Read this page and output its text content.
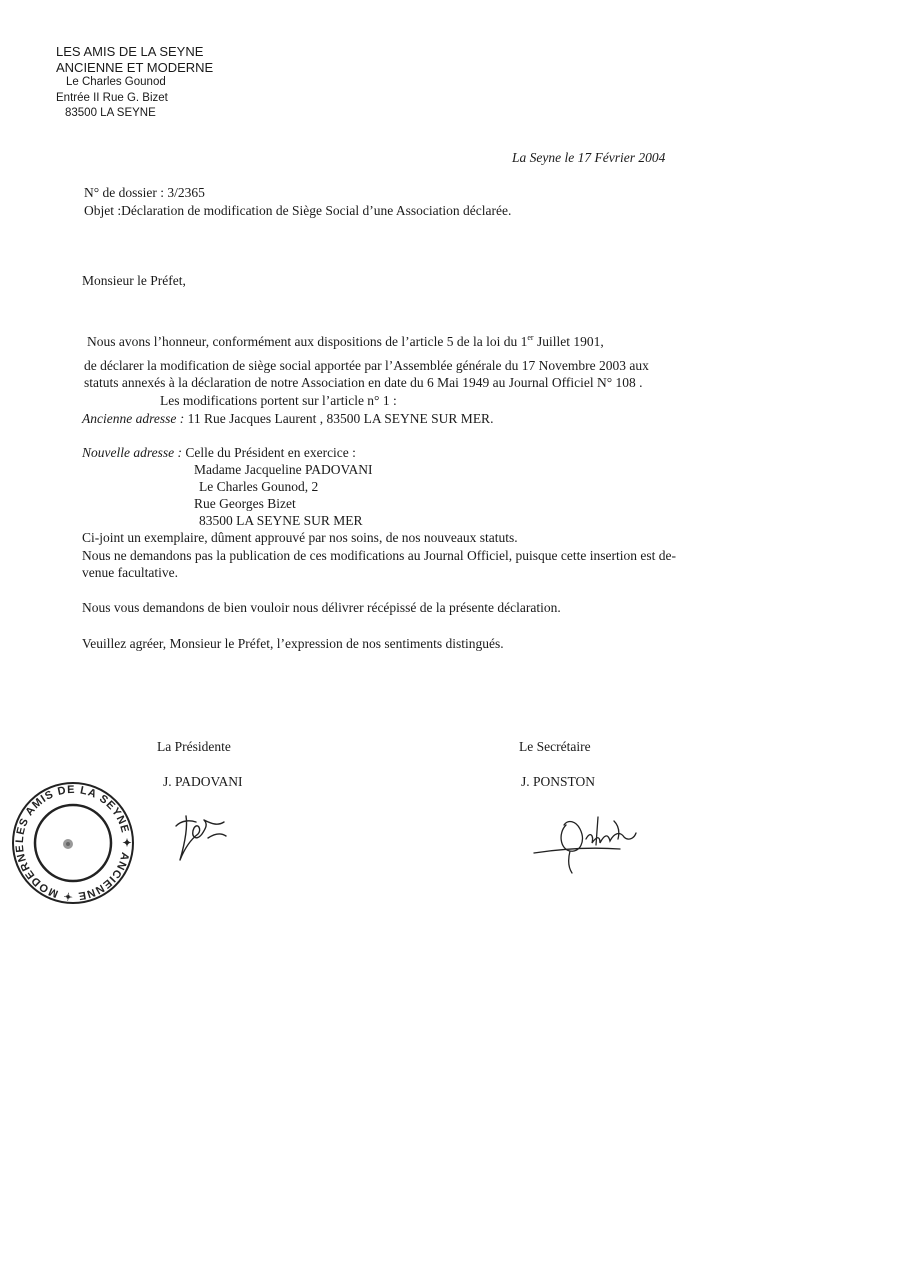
LES AMIS DE LA SEYNE
ANCIENNE ET MODERNE
Le Charles Gounod
Entrée II Rue G. Bizet
83500 LA SEYNE
La Seyne le 17 Février 2004
N° de dossier : 3/2365
Objet :Déclaration de modification de Siège Social d’une Association déclarée.
Monsieur le Préfet,
Nous avons l’honneur, conformément aux dispositions de l’article 5 de la loi du 1er Juillet 1901,
de déclarer la modification de siège social apportée par l’Assemblée générale du 17 Novembre 2003 aux
statuts annexés à la déclaration de notre Association en date du 6 Mai 1949 au Journal Officiel N° 108 .
Les modifications portent sur l’article n° 1 :
Ancienne adresse : 11 Rue Jacques Laurent , 83500 LA SEYNE SUR MER.
Nouvelle adresse : Celle du Président en exercice :
Madame Jacqueline PADOVANI
Le Charles Gounod, 2
Rue Georges Bizet
83500 LA SEYNE SUR MER
Ci-joint un exemplaire, dûment approuvé par nos soins, de nos nouveaux statuts.
Nous ne demandons pas la publication de ces modifications au Journal Officiel, puisque cette insertion est de-
venue facultative.
Nous vous demandons de bien vouloir nous délivrer récépissé de la présente déclaration.
Veuillez agréer, Monsieur le Préfet, l’expression de nos sentiments distingués.
La Présidente
J. PADOVANI
Le Secrétaire
J. PONSTON
LES AMIS DE LA SEYNE ✦ ANCIENNE ✦ MODERNE
